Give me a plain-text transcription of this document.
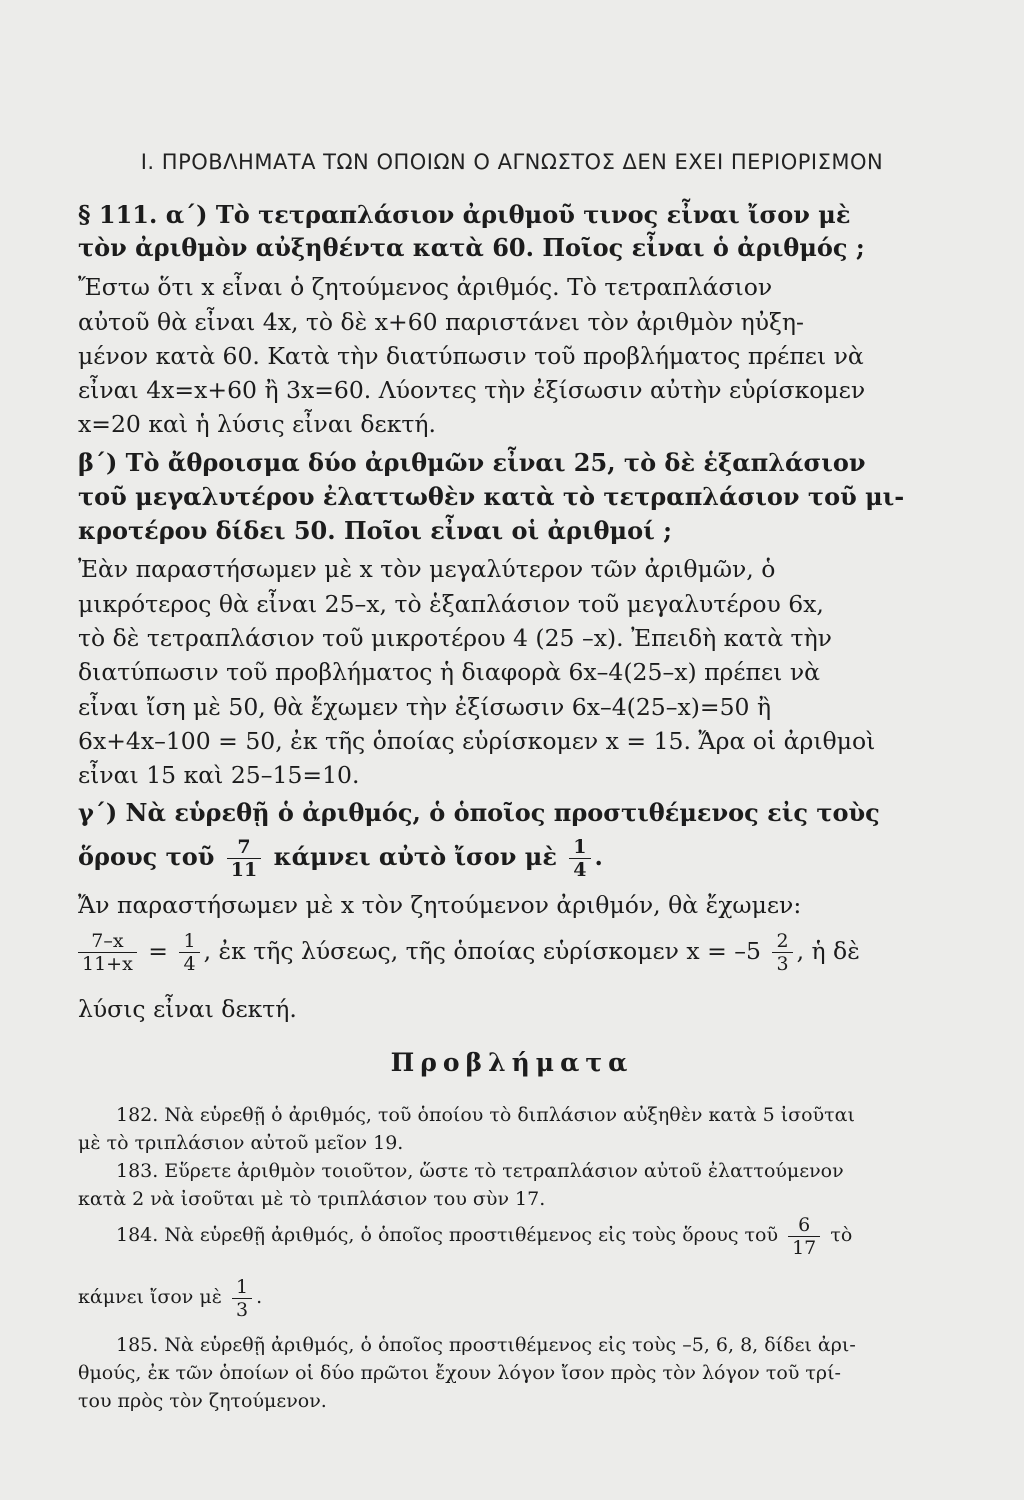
I. ΠΡΟΒΛΗΜΑΤΑ ΤΩΝ ΟΠΟΙΩΝ Ο ΑΓΝΩΣΤΟΣ ΔΕΝ ΕΧΕΙ ΠΕΡΙΟΡΙΣΜΟΝ
§ 111. α΄) Τὸ τετραπλάσιον ἀριθμοῦ τινος εἶναι ἴσον μὲ
τὸν ἀριθμὸν αὐξηθέντα κατὰ 60. Ποῖος εἶναι ὁ ἀριθμός ;
Ἔστω ὅτι x εἶναι ὁ ζητούμενος ἀριθμός. Τὸ τετραπλάσιον
αὐτοῦ θὰ εἶναι 4x, τὸ δὲ x+60 παριστάνει τὸν ἀριθμὸν ηὐξη-
μένον κατὰ 60. Κατὰ τὴν διατύπωσιν τοῦ προβλήματος πρέπει νὰ
εἶναι 4x=x+60 ἢ 3x=60. Λύοντες τὴν ἐξίσωσιν αὐτὴν εὑρίσκομεν
x=20 καὶ ἡ λύσις εἶναι δεκτή.
β΄) Τὸ ἄθροισμα δύο ἀριθμῶν εἶναι 25, τὸ δὲ ἑξαπλάσιον
τοῦ μεγαλυτέρου ἐλαττωθὲν κατὰ τὸ τετραπλάσιον τοῦ μι-
κροτέρου δίδει 50. Ποῖοι εἶναι οἱ ἀριθμοί ;
Ἐὰν παραστήσωμεν μὲ x τὸν μεγαλύτερον τῶν ἀριθμῶν, ὁ
μικρότερος θὰ εἶναι 25–x, τὸ ἑξαπλάσιον τοῦ μεγαλυτέρου 6x,
τὸ δὲ τετραπλάσιον τοῦ μικροτέρου 4 (25 –x). Ἐπειδὴ κατὰ τὴν
διατύπωσιν τοῦ προβλήματος ἡ διαφορὰ 6x–4(25–x) πρέπει νὰ
εἶναι ἴση μὲ 50, θὰ ἔχωμεν τὴν ἐξίσωσιν 6x–4(25–x)=50 ἢ
6x+4x–100 = 50, ἐκ τῆς ὁποίας εὑρίσκομεν x = 15. Ἄρα οἱ ἀριθμοὶ
εἶναι 15 καὶ 25–15=10.
γ΄) Νὰ εὑρεθῇ ὁ ἀριθμός, ὁ ὁποῖος προστιθέμενος εἰς τοὺς
ὅρους τοῦ $\frac{7}{11}$ κάμνει αὐτὸ ἴσον μὲ $\frac{1}{4}$ .
Ἄν παραστήσωμεν μὲ x τὸν ζητούμενον ἀριθμόν, θὰ ἔχωμεν:
$\frac{7-x}{11+x} = \frac{1}{4}$ , ἐκ τῆς λύσεως, τῆς ὁποίας εὑρίσκομεν $x = -5 \frac{2}{3}$ , ἡ δὲ
λύσις εἶναι δεκτή.
Προβλήματα
182. Νὰ εὑρεθῇ ὁ ἀριθμός, τοῦ ὁποίου τὸ διπλάσιον αὐξηθὲν κατὰ 5 ἰσοῦται
μὲ τὸ τριπλάσιον αὐτοῦ μεῖον 19.
183. Εὕρετε ἀριθμὸν τοιοῦτον, ὥστε τὸ τετραπλάσιον αὐτοῦ ἐλαττούμενον
κατὰ 2 νὰ ἰσοῦται μὲ τὸ τριπλάσιον του σὺν 17.
184. Νὰ εὑρεθῇ ἀριθμός, ὁ ὁποῖος προστιθέμενος εἰς τοὺς ὅρους τοῦ $\frac{6}{17}$ τὸ
κάμνει ἴσον μὲ $\frac{1}{3}$ .
185. Νὰ εὑρεθῇ ἀριθμός, ὁ ὁποῖος προστιθέμενος εἰς τοὺς –5, 6, 8, δίδει ἀρι-
θμούς, ἐκ τῶν ὁποίων οἱ δύο πρῶτοι ἔχουν λόγον ἴσον πρὸς τὸν λόγον τοῦ τρί-
του πρὸς τὸν ζητούμενον.
